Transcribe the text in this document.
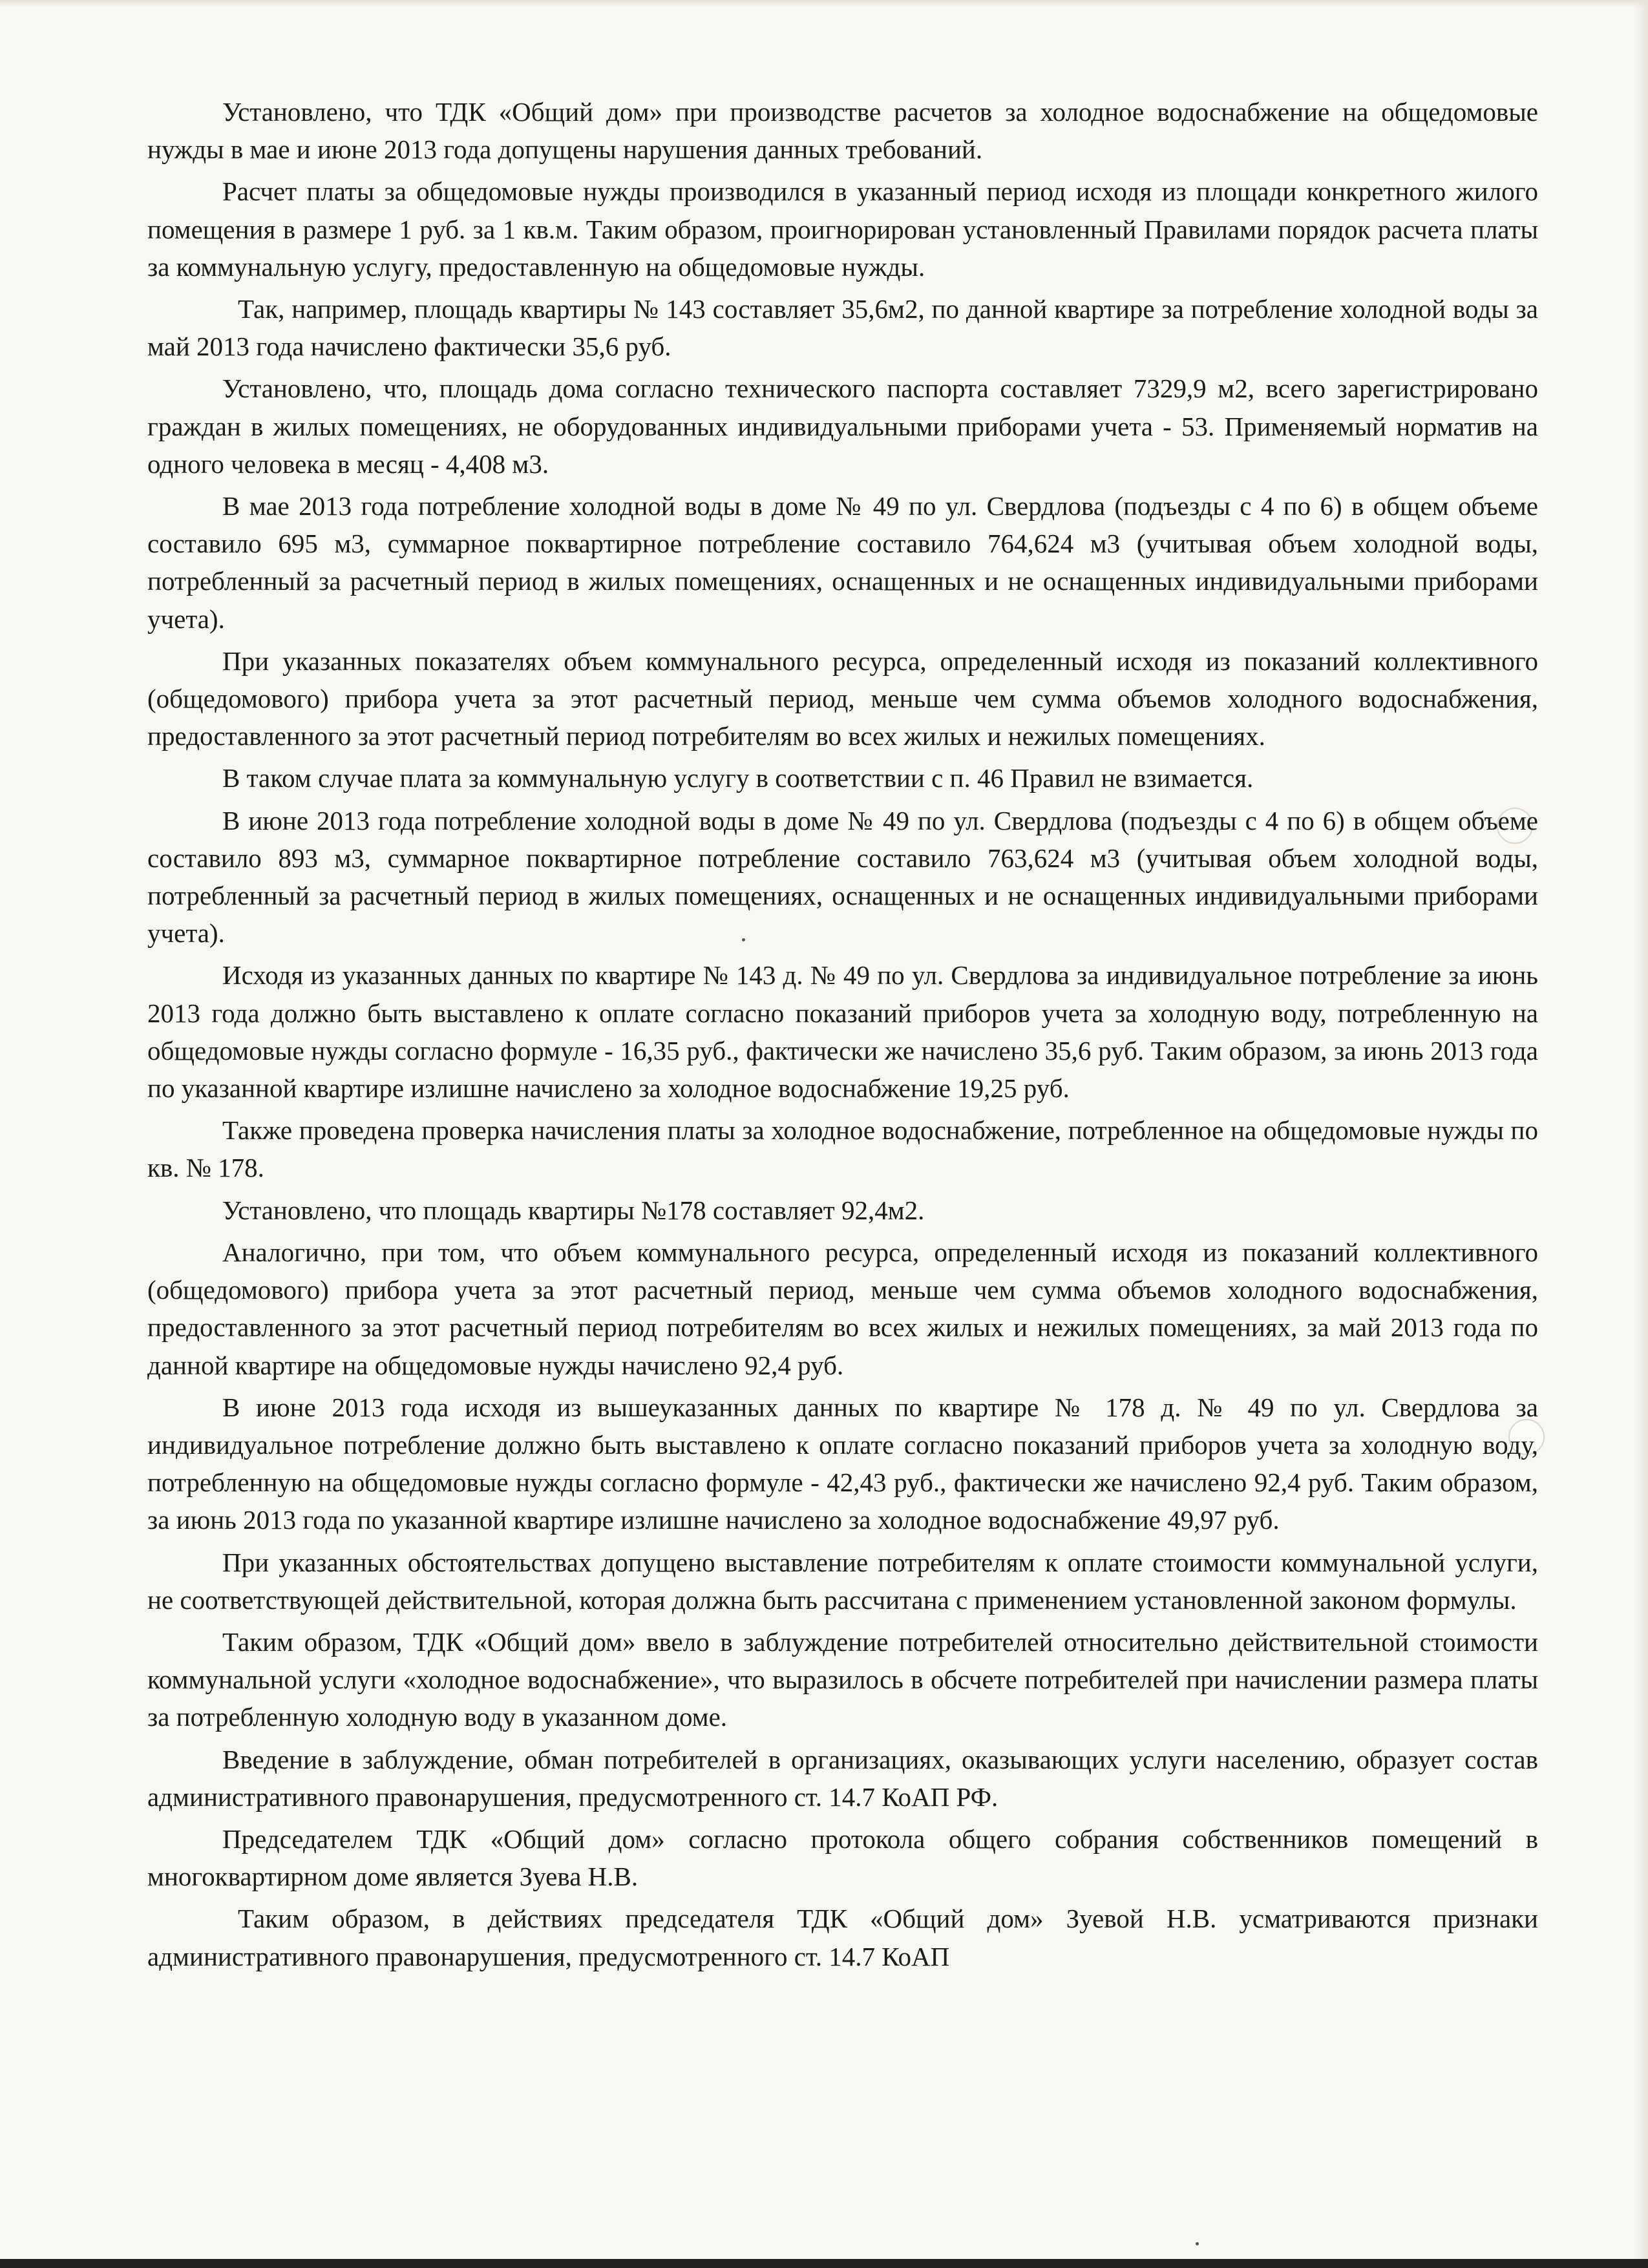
Установлено, что ТДК «Общий дом» при производстве расчетов за холодное водоснабжение на общедомовые нужды в мае и июне 2013 года допущены нарушения данных требований.

Расчет платы за общедомовые нужды производился в указанный период исходя из площади конкретного жилого помещения в размере 1 руб. за 1 кв.м. Таким образом, проигнорирован установленный Правилами порядок расчета платы за коммунальную услугу, предоставленную на общедомовые нужды.

Так, например, площадь квартиры № 143 составляет 35,6м2, по данной квартире за потребление холодной воды за май 2013 года начислено фактически 35,6 руб.

Установлено, что, площадь дома согласно технического паспорта составляет 7329,9 м2, всего зарегистрировано граждан в жилых помещениях, не оборудованных индивидуальными приборами учета - 53. Применяемый норматив на одного человека в месяц - 4,408 м3.

В мае 2013 года потребление холодной воды в доме № 49 по ул. Свердлова (подъезды с 4 по 6) в общем объеме составило 695 м3, суммарное поквартирное потребление составило 764,624 м3 (учитывая объем холодной воды, потребленный за расчетный период в жилых помещениях, оснащенных и не оснащенных индивидуальными приборами учета).

При указанных показателях объем коммунального ресурса, определенный исходя из показаний коллективного (общедомового) прибора учета за этот расчетный период, меньше чем сумма объемов холодного водоснабжения, предоставленного за этот расчетный период потребителям во всех жилых и нежилых помещениях.

В таком случае плата за коммунальную услугу в соответствии с п. 46 Правил не взимается.

В июне 2013 года потребление холодной воды в доме № 49 по ул. Свердлова (подъезды с 4 по 6) в общем объеме составило 893 м3, суммарное поквартирное потребление составило 763,624 м3 (учитывая объем холодной воды, потребленный за расчетный период в жилых помещениях, оснащенных и не оснащенных индивидуальными приборами учета).

Исходя из указанных данных по квартире № 143 д. № 49 по ул. Свердлова за индивидуальное потребление за июнь 2013 года должно быть выставлено к оплате согласно показаний приборов учета за холодную воду, потребленную на общедомовые нужды согласно формуле - 16,35 руб., фактически же начислено 35,6 руб. Таким образом, за июнь 2013 года по указанной квартире излишне начислено за холодное водоснабжение 19,25 руб.

Также проведена проверка начисления платы за холодное водоснабжение, потребленное на общедомовые нужды по кв. № 178.

Установлено, что площадь квартиры №178 составляет 92,4м2.

Аналогично, при том, что объем коммунального ресурса, определенный исходя из показаний коллективного (общедомового) прибора учета за этот расчетный период, меньше чем сумма объемов холодного водоснабжения, предоставленного за этот расчетный период потребителям во всех жилых и нежилых помещениях, за май 2013 года по данной квартире на общедомовые нужды начислено 92,4 руб.

В июне 2013 года исходя из вышеуказанных данных по квартире № 178 д. № 49 по ул. Свердлова за индивидуальное потребление должно быть выставлено к оплате согласно показаний приборов учета за холодную воду, потребленную на общедомовые нужды согласно формуле - 42,43 руб., фактически же начислено 92,4 руб. Таким образом, за июнь 2013 года по указанной квартире излишне начислено за холодное водоснабжение 49,97 руб.

При указанных обстоятельствах допущено выставление потребителям к оплате стоимости коммунальной услуги, не соответствующей действительной, которая должна быть рассчитана с применением установленной законом формулы.

Таким образом, ТДК «Общий дом» ввело в заблуждение потребителей относительно действительной стоимости коммунальной услуги «холодное водоснабжение», что выразилось в обсчете потребителей при начислении размера платы за потребленную холодную воду в указанном доме.

Введение в заблуждение, обман потребителей в организациях, оказывающих услуги населению, образует состав административного правонарушения, предусмотренного ст. 14.7 КоАП РФ.

Председателем ТДК «Общий дом» согласно протокола общего собрания собственников помещений в многоквартирном доме является Зуева Н.В.

Таким образом, в действиях председателя ТДК «Общий дом» Зуевой Н.В. усматриваются признаки административного правонарушения, предусмотренного ст. 14.7 КоАП
